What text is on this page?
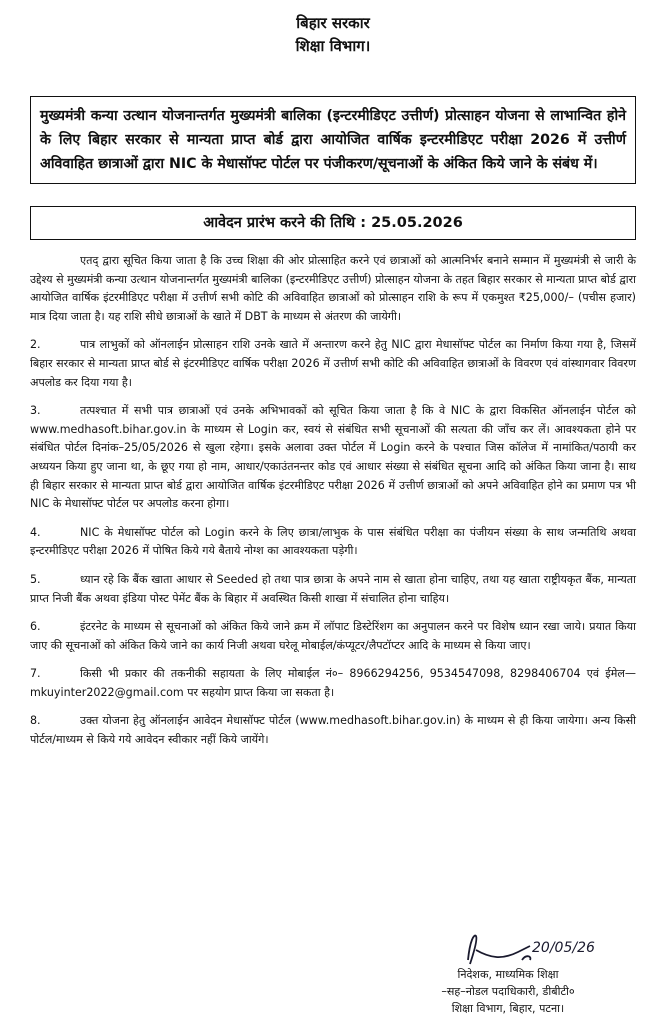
बिहार सरकार
शिक्षा विभाग।
मुख्यमंत्री कन्या उत्थान योजनान्तर्गत मुख्यमंत्री बालिका (इन्टरमीडिएट उत्तीर्ण) प्रोत्साहन योजना से लाभान्वित होने के लिए बिहार सरकार से मान्यता प्राप्त बोर्ड द्वारा आयोजित वार्षिक इन्टरमीडिएट परीक्षा 2026 में उत्तीर्ण अविवाहित छात्राओं द्वारा NIC के मेधासॉफ्ट पोर्टल पर पंजीकरण/सूचनाओं के अंकित किये जाने के संबंध में।
आवेदन प्रारंभ करने की तिथि : 25.05.2026

एतद् द्वारा सूचित किया जाता है कि उच्च शिक्षा की ओर प्रोत्साहित करने एवं छात्राओं को आत्मनिर्भर बनाने सम्मान में मुख्यमंत्री से जारी के उद्देश्य से मुख्यमंत्री कन्या उत्थान योजनान्तर्गत मुख्यमंत्री बालिका (इन्टरमीडिएट उत्तीर्ण) प्रोत्साहन योजना के तहत बिहार सरकार से मान्यता प्राप्त बोर्ड द्वारा आयोजित वार्षिक इंटरमीडिएट परीक्षा में उत्तीर्ण सभी कोटि की अविवाहित छात्राओं को प्रोत्साहन राशि के रूप में एकमुश्त ₹25,000/– (पचीस हजार) मात्र दिया जाता है। यह राशि सीधे छात्राओं के खाते में DBT के माध्यम से अंतरण की जायेगी।

2.	पात्र लाभुकों को ऑनलाईन प्रोत्साहन राशि उनके खाते में अन्तारण करने हेतु NIC द्वारा मेधासॉफ्ट पोर्टल का निर्माण किया गया है, जिसमें बिहार सरकार से मान्यता प्राप्त बोर्ड से इंटरमीडिएट वार्षिक परीक्षा 2026 में उत्तीर्ण सभी कोटि की अविवाहित छात्राओं के विवरण एवं वांस्थागवार विवरण अपलोड कर दिया गया है।

3.	तत्पश्चात में सभी पात्र छात्राओं एवं उनके अभिभावकों को सूचित किया जाता है कि वे NIC के द्वारा विकसित ऑनलाईन पोर्टल को www.medhasoft.bihar.gov.in के माध्यम से Login कर, स्वयं से संबंधित सभी सूचनाओं की सत्यता की जाँच कर लें। आवश्यकता होने पर संबंधित पोर्टल दिनांक–25/05/2026 से खुला रहेगा। इसके अलावा उक्त पोर्टल में Login करने के पश्चात जिस कॉलेज में नामांकित/पठायी कर अध्ययन किया हुए जाना था, के छूए गया हो नाम, आधार/एकाउंतनन्तर कोड एवं आधार संख्या से संबंधित सूचना आदि को अंकित किया जाना है। साथ ही बिहार सरकार से मान्यता प्राप्त बोर्ड द्वारा आयोजित वार्षिक इंटरमीडिएट परीक्षा 2026 में उत्तीर्ण छात्राओं को अपने अविवाहित होने का प्रमाण पत्र भी NIC के मेधासॉफ्ट पोर्टल पर अपलोड करना होगा।

4.	NIC के मेधासॉफ्ट पोर्टल को Login करने के लिए छात्रा/लाभुक के पास संबंधित परीक्षा का पंजीयन संख्या के साथ जन्मतिथि अथवा इन्टरमीडिएट परीक्षा 2026 में पोषित किये गये बैताये नोग्श का आवश्यकता पड़ेगी।

5.	ध्यान रहे कि बैंक खाता आधार से Seeded हो तथा पात्र छात्रा के अपने नाम से खाता होना चाहिए, तथा यह खाता राष्ट्रीयकृत बैंक, मान्यता प्राप्त निजी बैंक अथवा इंडिया पोस्ट पेमेंट बैंक के बिहार में अवस्थित किसी शाखा में संचालित होना चाहिय।

6.	इंटरनेट के माध्यम से सूचनाओं को अंकित किये जाने क्रम में लॉपाट डिस्टेरिंशग का अनुपालन करने पर विशेष ध्यान रखा जाये। प्रयात किया जाए की सूचनाओं को अंकित किये जाने का कार्य निजी अथवा घरेलू मोबाईल/कंप्यूटर/लैपटॉप्टर आदि के माध्यम से किया जाए।

7.	किसी भी प्रकार की तकनीकी सहायता के लिए मोबाईल नं०– 8966294256, 9534547098, 8298406704 एवं ईमेल—mkuyinter2022@gmail.com पर सहयोग प्राप्त किया जा सकता है।

8.	उक्त योजना हेतु ऑनलाईन आवेदन मेधासॉफ्ट पोर्टल (www.medhasoft.bihar.gov.in) के माध्यम से ही किया जायेगा। अन्य किसी पोर्टल/माध्यम से किये गये आवेदन स्वीकार नहीं किये जायेंगे।

20/05/26
निदेशक, माध्यमिक शिक्षा
–सह–नोडल पदाधिकारी, डीबीटी०
शिक्षा विभाग, बिहार, पटना।
